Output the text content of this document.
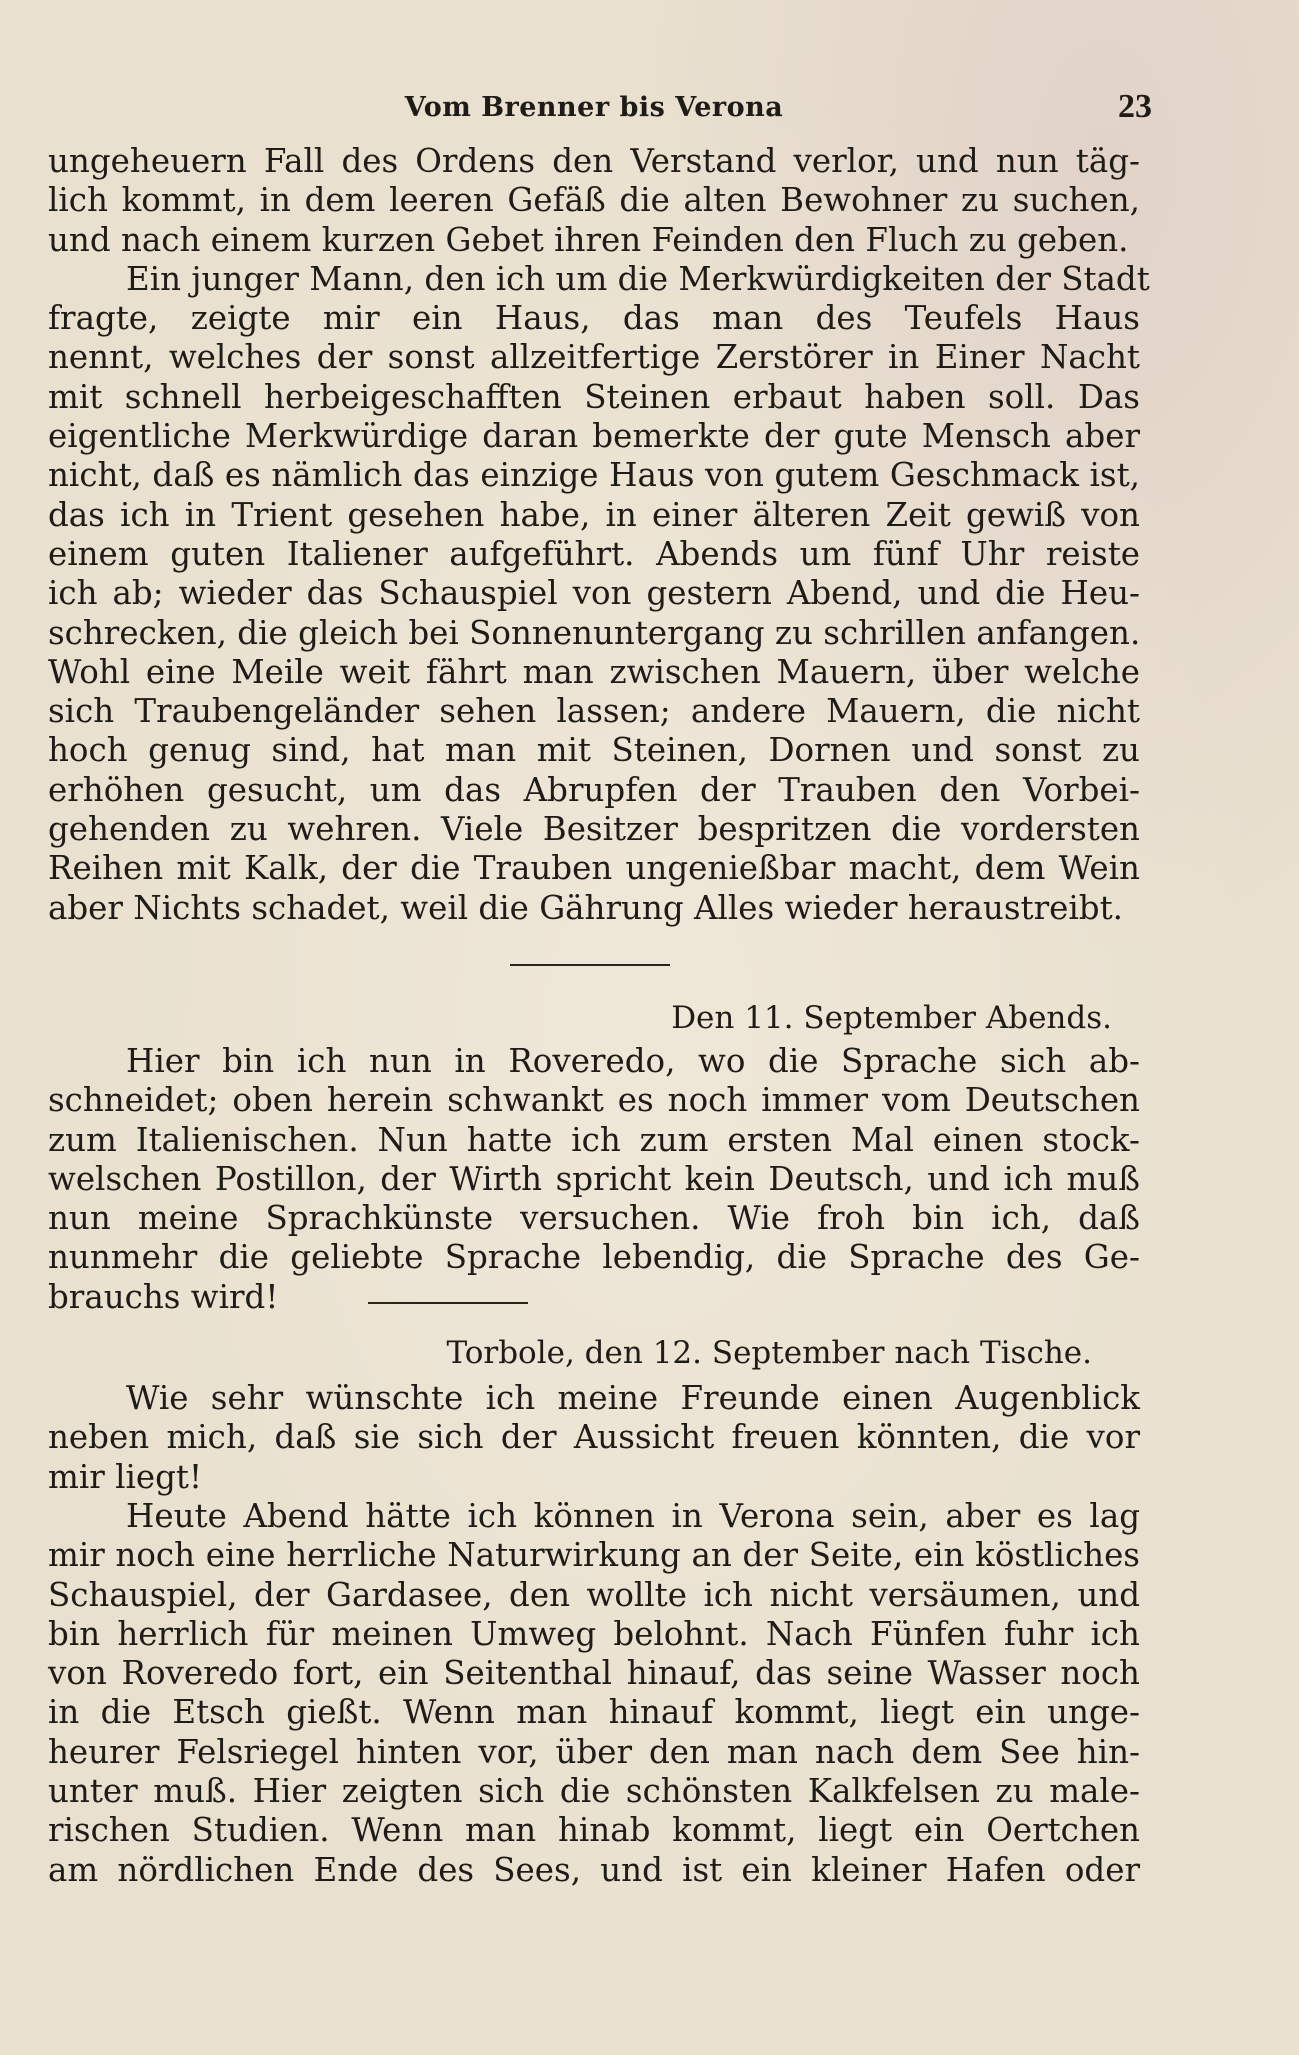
Vom Brenner bis Verona	23
ungeheuern Fall des Ordens den Verstand verlor, und nun täg-
lich kommt, in dem leeren Gefäß die alten Bewohner zu suchen,
und nach einem kurzen Gebet ihren Feinden den Fluch zu geben.
Ein junger Mann, den ich um die Merkwürdigkeiten der Stadt
fragte, zeigte mir ein Haus, das man des Teufels Haus
nennt, welches der sonst allzeitfertige Zerstörer in Einer Nacht
mit schnell herbeigeschafften Steinen erbaut haben soll. Das
eigentliche Merkwürdige daran bemerkte der gute Mensch aber
nicht, daß es nämlich das einzige Haus von gutem Geschmack ist,
das ich in Trient gesehen habe, in einer älteren Zeit gewiß von
einem guten Italiener aufgeführt. Abends um fünf Uhr reiste
ich ab; wieder das Schauspiel von gestern Abend, und die Heu-
schrecken, die gleich bei Sonnenuntergang zu schrillen anfangen.
Wohl eine Meile weit fährt man zwischen Mauern, über welche
sich Traubengeländer sehen lassen; andere Mauern, die nicht
hoch genug sind, hat man mit Steinen, Dornen und sonst zu
erhöhen gesucht, um das Abrupfen der Trauben den Vorbei-
gehenden zu wehren. Viele Besitzer bespritzen die vordersten
Reihen mit Kalk, der die Trauben ungenießbar macht, dem Wein
aber Nichts schadet, weil die Gährung Alles wieder heraustreibt.
Den 11. September Abends.
Hier bin ich nun in Roveredo, wo die Sprache sich ab-
schneidet; oben herein schwankt es noch immer vom Deutschen
zum Italienischen. Nun hatte ich zum ersten Mal einen stock-
welschen Postillon, der Wirth spricht kein Deutsch, und ich muß
nun meine Sprachkünste versuchen. Wie froh bin ich, daß
nunmehr die geliebte Sprache lebendig, die Sprache des Ge-
brauchs wird!
Torbole, den 12. September nach Tische.
Wie sehr wünschte ich meine Freunde einen Augenblick
neben mich, daß sie sich der Aussicht freuen könnten, die vor
mir liegt!
Heute Abend hätte ich können in Verona sein, aber es lag
mir noch eine herrliche Naturwirkung an der Seite, ein köstliches
Schauspiel, der Gardasee, den wollte ich nicht versäumen, und
bin herrlich für meinen Umweg belohnt. Nach Fünfen fuhr ich
von Roveredo fort, ein Seitenthal hinauf, das seine Wasser noch
in die Etsch gießt. Wenn man hinauf kommt, liegt ein unge-
heurer Felsriegel hinten vor, über den man nach dem See hin-
unter muß. Hier zeigten sich die schönsten Kalkfelsen zu male-
rischen Studien. Wenn man hinab kommt, liegt ein Oertchen
am nördlichen Ende des Sees, und ist ein kleiner Hafen oder
